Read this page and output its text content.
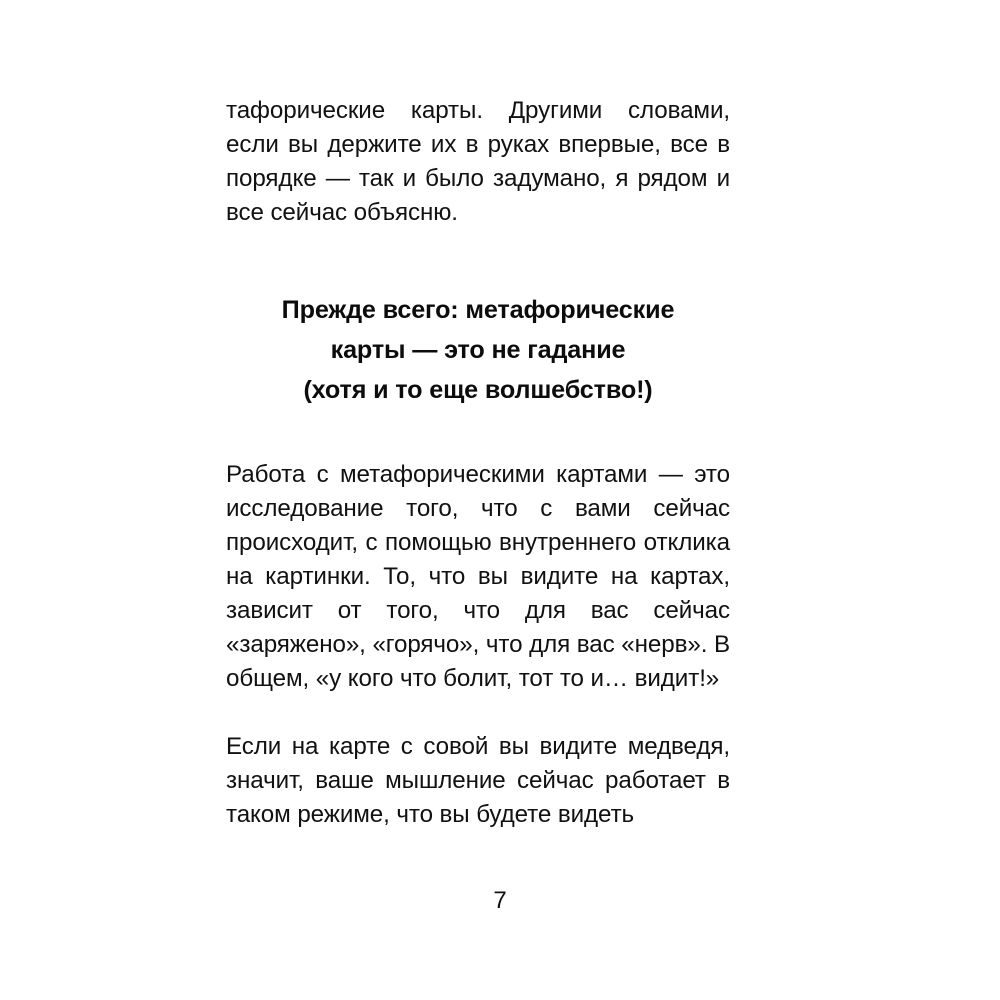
тафорические карты. Другими словами, если вы держите их в руках впервые, все в порядке — так и было задумано, я рядом и все сейчас объясню.

Прежде всего: метафорические
карты — это не гадание
(хотя и то еще волшебство!)

Работа с метафорическими картами — это исследование того, что с вами сейчас происходит, с помощью внутреннего отклика на картинки. То, что вы видите на картах, зависит от того, что для вас сейчас «заряжено», «горячо», что для вас «нерв». В общем, «у кого что болит, тот то и… видит!»

Если на карте с совой вы видите медведя, значит, ваше мышление сейчас работает в таком режиме, что вы будете видеть

7
